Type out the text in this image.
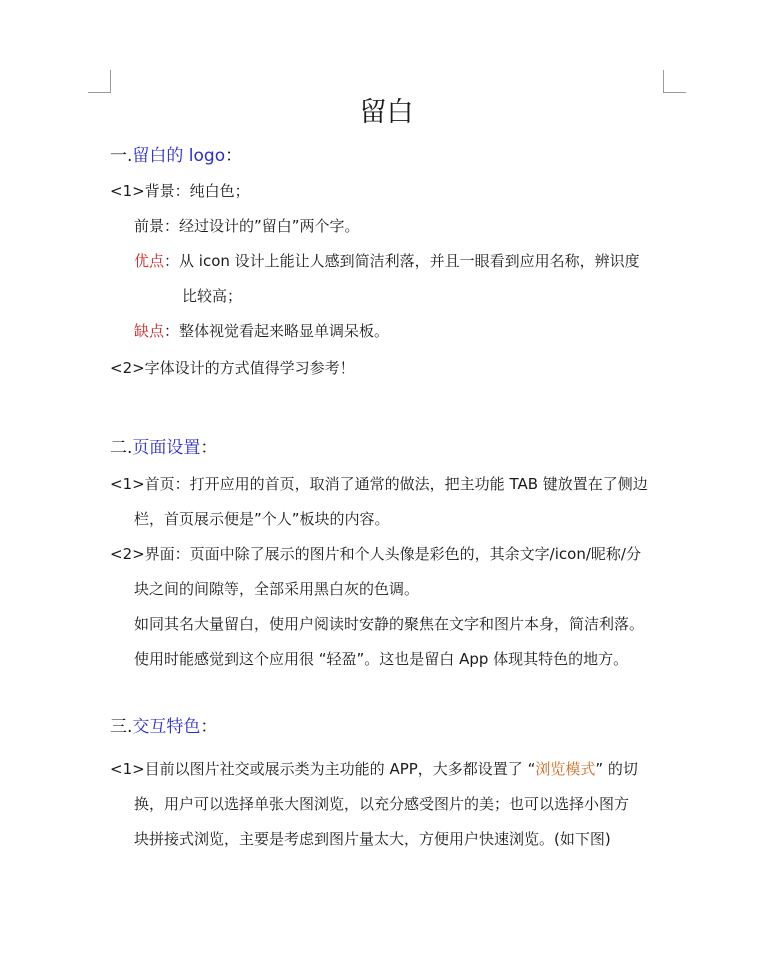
留白
一.留白的 logo：
<1>背景：纯白色；
前景：经过设计的”留白”两个字。
优点：从 icon 设计上能让人感到简洁利落，并且一眼看到应用名称，辨识度
比较高；
缺点：整体视觉看起来略显单调呆板。
<2>字体设计的方式值得学习参考！
二.页面设置：
<1>首页：打开应用的首页，取消了通常的做法，把主功能 TAB 键放置在了侧边
栏，首页展示便是”个人”板块的内容。
<2>界面：页面中除了展示的图片和个人头像是彩色的，其余文字/icon/昵称/分
块之间的间隙等，全部采用黑白灰的色调。
如同其名大量留白，使用户阅读时安静的聚焦在文字和图片本身，简洁利落。
使用时能感觉到这个应用很 “轻盈”。这也是留白 App 体现其特色的地方。
三.交互特色：
<1>目前以图片社交或展示类为主功能的 APP，大多都设置了 “浏览模式” 的切
换，用户可以选择单张大图浏览，以充分感受图片的美；也可以选择小图方
块拼接式浏览，主要是考虑到图片量太大，方便用户快速浏览。(如下图)
